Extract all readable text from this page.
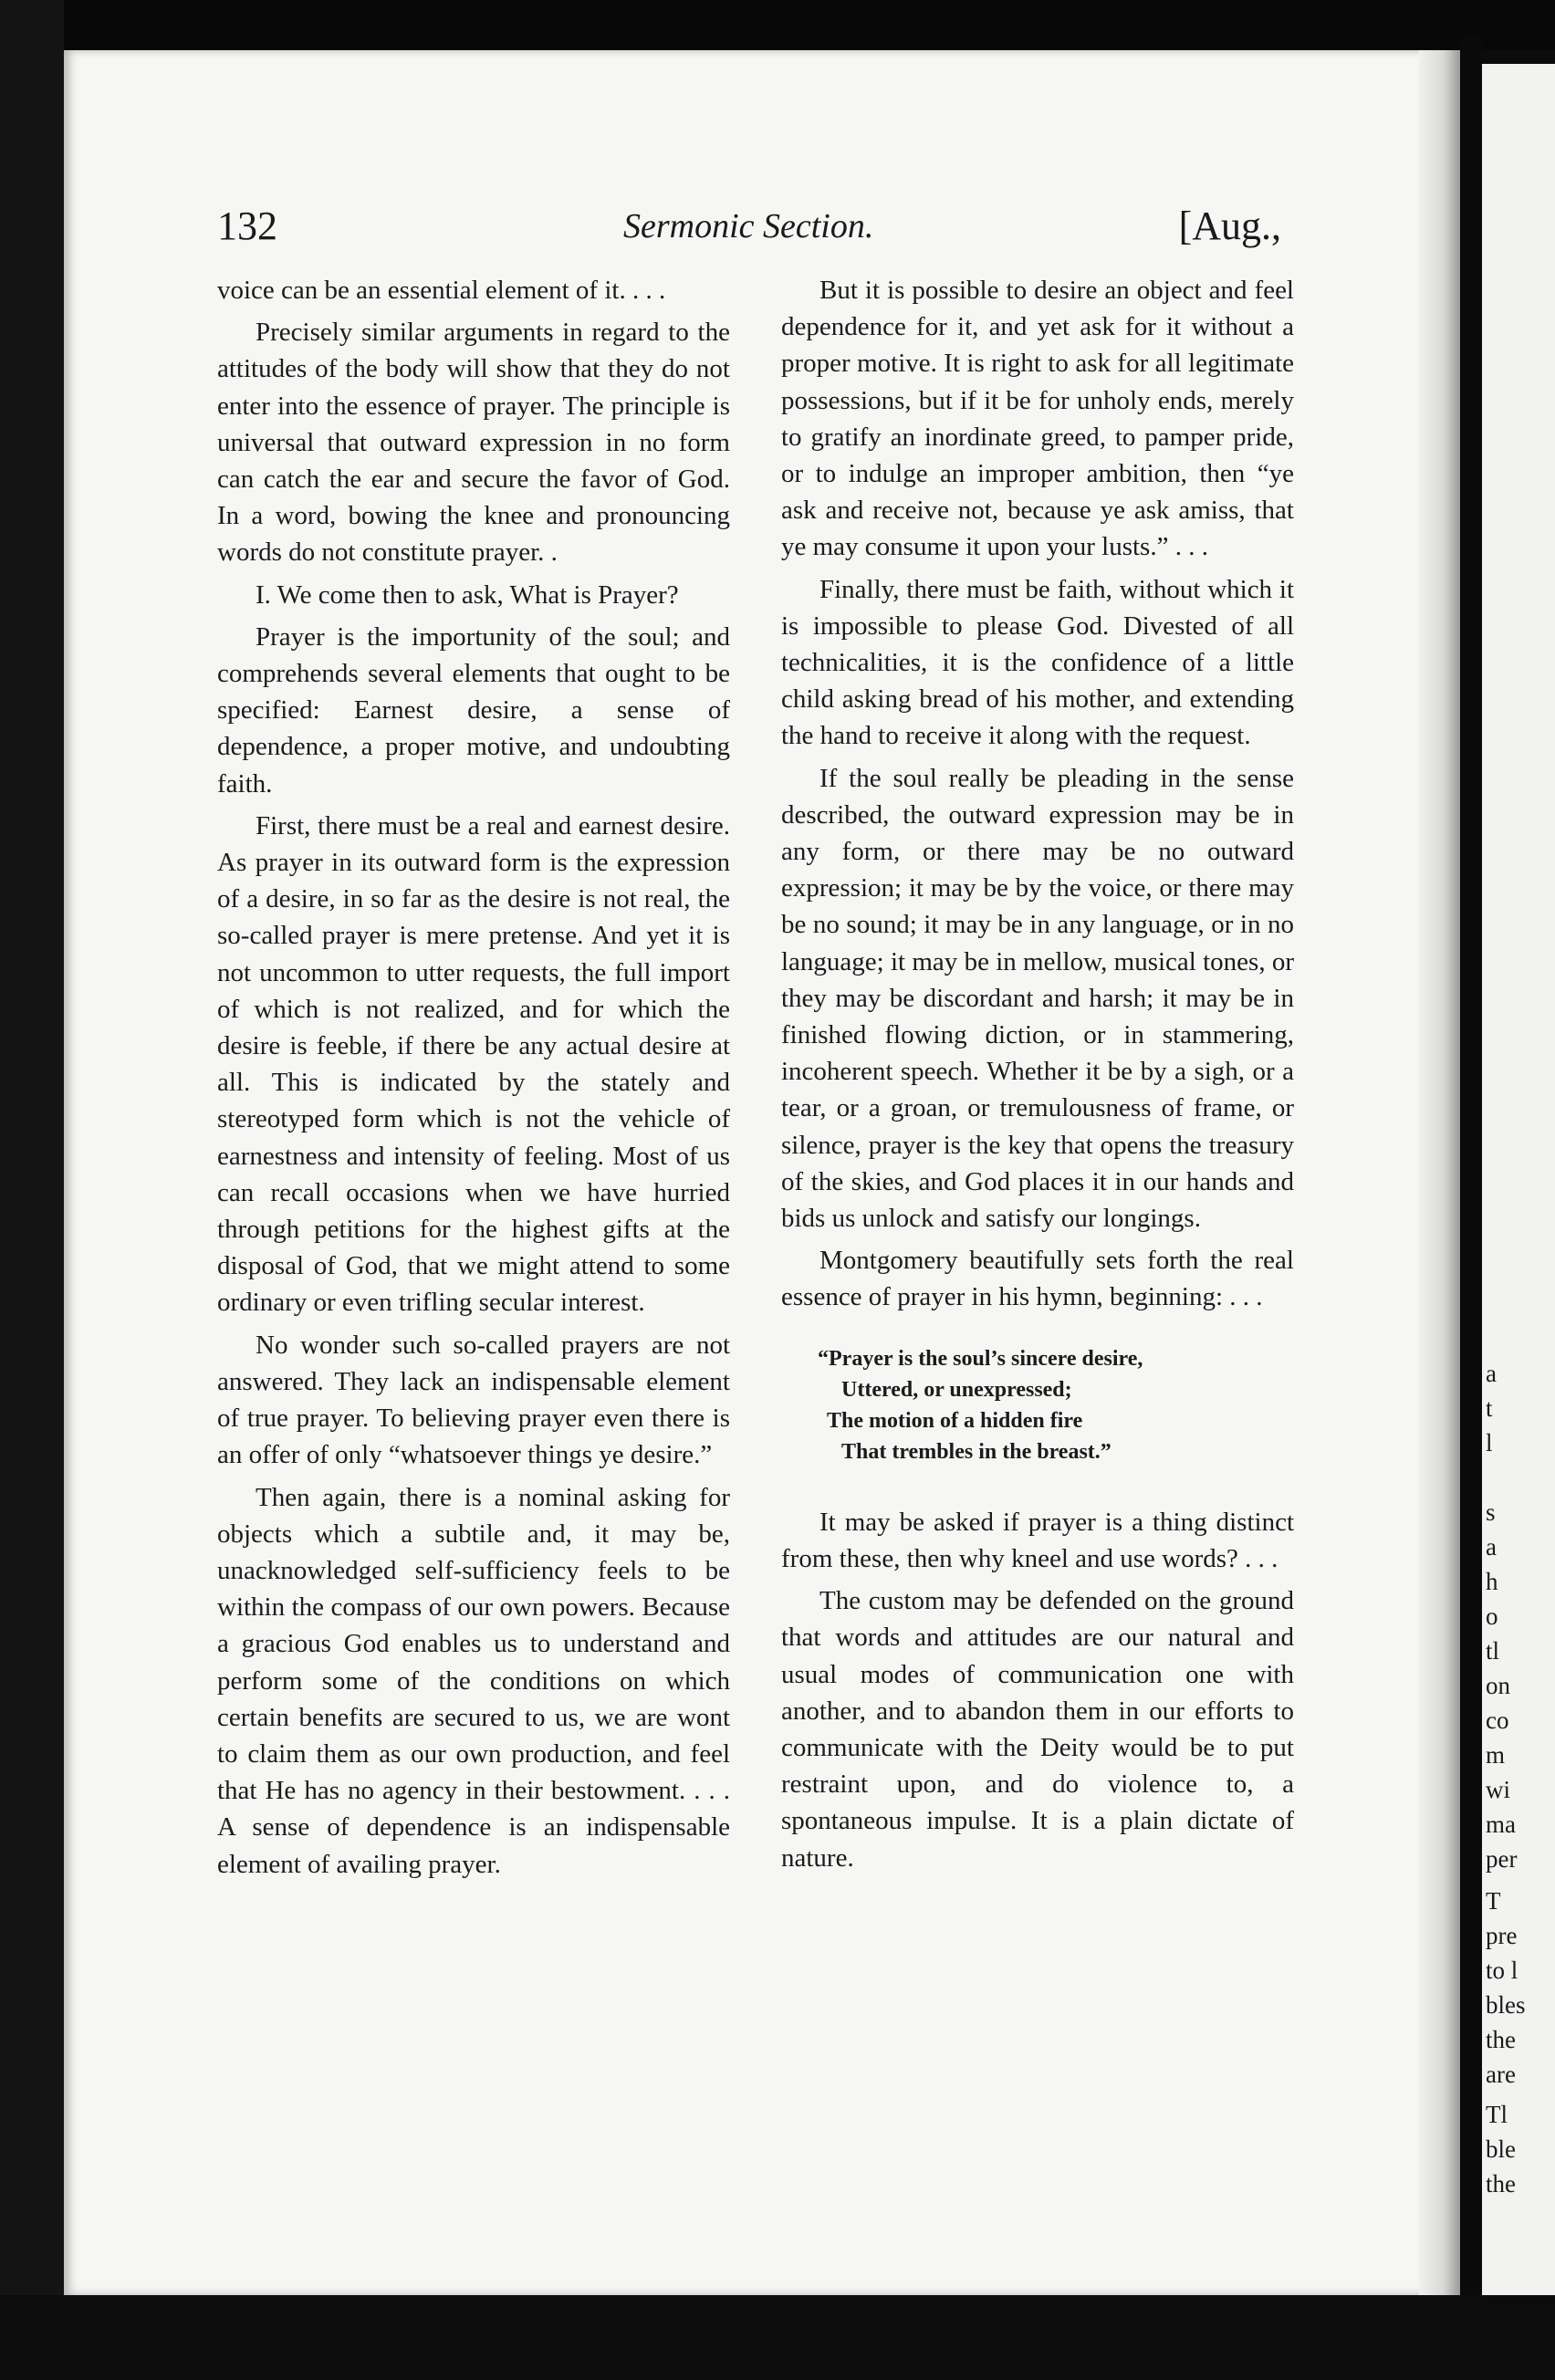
a
t
l
s
a
h
o
tl
on
co
m
wi
ma
per
T
pre
to l
bles
the
are
Tl
ble
the
132	Sermonic Section.	[Aug.,

voice can be an essential element of it. . . .

Precisely similar arguments in regard to the attitudes of the body will show that they do not enter into the essence of prayer. The principle is universal that outward expression in no form can catch the ear and secure the favor of God. In a word, bowing the knee and pronouncing words do not constitute prayer. .

I. We come then to ask, What is Prayer?

Prayer is the importunity of the soul; and comprehends several elements that ought to be specified: Earnest desire, a sense of dependence, a proper motive, and undoubting faith.

First, there must be a real and earnest desire. As prayer in its outward form is the expression of a desire, in so far as the desire is not real, the so-called prayer is mere pretense. And yet it is not uncommon to utter requests, the full import of which is not realized, and for which the desire is feeble, if there be any actual desire at all. This is indicated by the stately and stereotyped form which is not the vehicle of earnestness and intensity of feeling. Most of us can recall occasions when we have hurried through petitions for the highest gifts at the disposal of God, that we might attend to some ordinary or even trifling secular interest.

No wonder such so-called prayers are not answered. They lack an indispensable element of true prayer. To believing prayer even there is an offer of only “whatsoever things ye desire.”

Then again, there is a nominal asking for objects which a subtile and, it may be, unacknowledged self-sufficiency feels to be within the compass of our own powers. Because a gracious God enables us to understand and perform some of the conditions on which certain benefits are secured to us, we are wont to claim them as our own production, and feel that He has no agency in their bestowment. . . . A sense of dependence is an indispensable element of availing prayer.

But it is possible to desire an object and feel dependence for it, and yet ask for it without a proper motive. It is right to ask for all legitimate possessions, but if it be for unholy ends, merely to gratify an inordinate greed, to pamper pride, or to indulge an improper ambition, then “ye ask and receive not, because ye ask amiss, that ye may consume it upon your lusts.” . . .

Finally, there must be faith, without which it is impossible to please God. Divested of all technicalities, it is the confidence of a little child asking bread of his mother, and extending the hand to receive it along with the request.

If the soul really be pleading in the sense described, the outward expression may be in any form, or there may be no outward expression; it may be by the voice, or there may be no sound; it may be in any language, or in no language; it may be in mellow, musical tones, or they may be discordant and harsh; it may be in finished flowing diction, or in stammering, incoherent speech. Whether it be by a sigh, or a tear, or a groan, or tremulousness of frame, or silence, prayer is the key that opens the treasury of the skies, and God places it in our hands and bids us unlock and satisfy our longings.

Montgomery beautifully sets forth the real essence of prayer in his hymn, beginning: . . .

“Prayer is the soul’s sincere desire,
Uttered, or unexpressed;
The motion of a hidden fire
That trembles in the breast.”

It may be asked if prayer is a thing distinct from these, then why kneel and use words? . . .

The custom may be defended on the ground that words and attitudes are our natural and usual modes of communication one with another, and to abandon them in our efforts to communicate with the Deity would be to put restraint upon, and do violence to, a spontaneous impulse. It is a plain dictate of nature.
